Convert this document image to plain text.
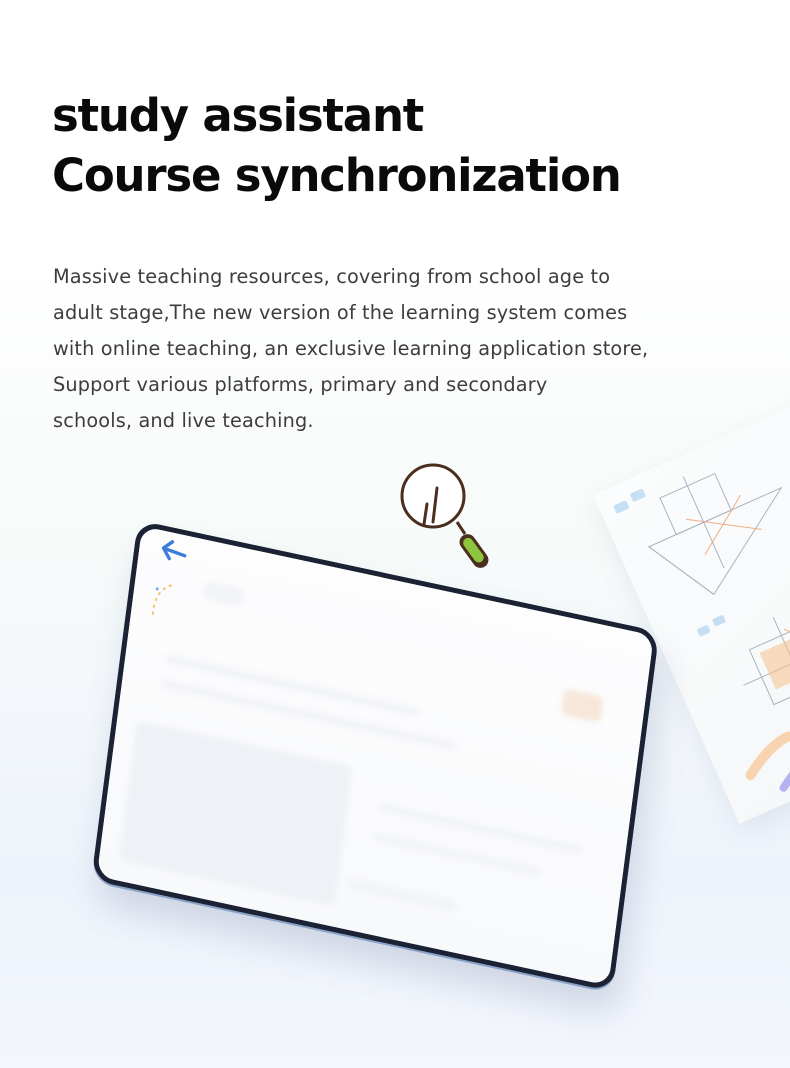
study assistant
Course synchronization

Massive teaching resources, covering from school age to
adult stage,The new version of the learning system comes
with online teaching, an exclusive learning application store,
Support various platforms, primary and secondary
schools, and live teaching.
